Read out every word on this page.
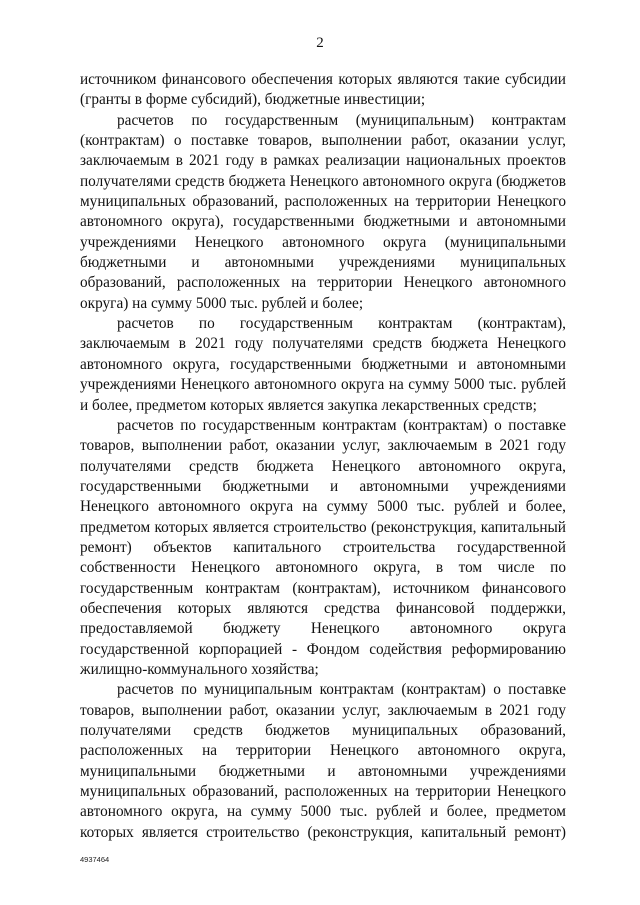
2

источником финансового обеспечения которых являются такие субсидии (гранты в форме субсидий), бюджетные инвестиции;

расчетов по государственным (муниципальным) контрактам (контрактам) о поставке товаров, выполнении работ, оказании услуг, заключаемым в 2021 году в рамках реализации национальных проектов получателями средств бюджета Ненецкого автономного округа (бюджетов муниципальных образований, расположенных на территории Ненецкого автономного округа), государственными бюджетными и автономными учреждениями Ненецкого автономного округа (муниципальными бюджетными и автономными учреждениями муниципальных образований, расположенных на территории Ненецкого автономного округа) на сумму 5000 тыс. рублей и более;

расчетов по государственным контрактам (контрактам), заключаемым в 2021 году получателями средств бюджета Ненецкого автономного округа, государственными бюджетными и автономными учреждениями Ненецкого автономного округа на сумму 5000 тыс. рублей и более, предметом которых является закупка лекарственных средств;

расчетов по государственным контрактам (контрактам) о поставке товаров, выполнении работ, оказании услуг, заключаемым в 2021 году получателями средств бюджета Ненецкого автономного округа, государственными бюджетными и автономными учреждениями Ненецкого автономного округа на сумму 5000 тыс. рублей и более, предметом которых является строительство (реконструкция, капитальный ремонт) объектов капитального строительства государственной собственности Ненецкого автономного округа, в том числе по государственным контрактам (контрактам), источником финансового обеспечения которых являются средства финансовой поддержки, предоставляемой бюджету Ненецкого автономного округа государственной корпорацией - Фондом содействия реформированию жилищно-коммунального хозяйства;

расчетов по муниципальным контрактам (контрактам) о поставке товаров, выполнении работ, оказании услуг, заключаемым в 2021 году получателями средств бюджетов муниципальных образований, расположенных на территории Ненецкого автономного округа, муниципальными бюджетными и автономными учреждениями муниципальных образований, расположенных на территории Ненецкого автономного округа, на сумму 5000 тыс. рублей и более, предметом которых является строительство (реконструкция, капитальный ремонт)

4937464
